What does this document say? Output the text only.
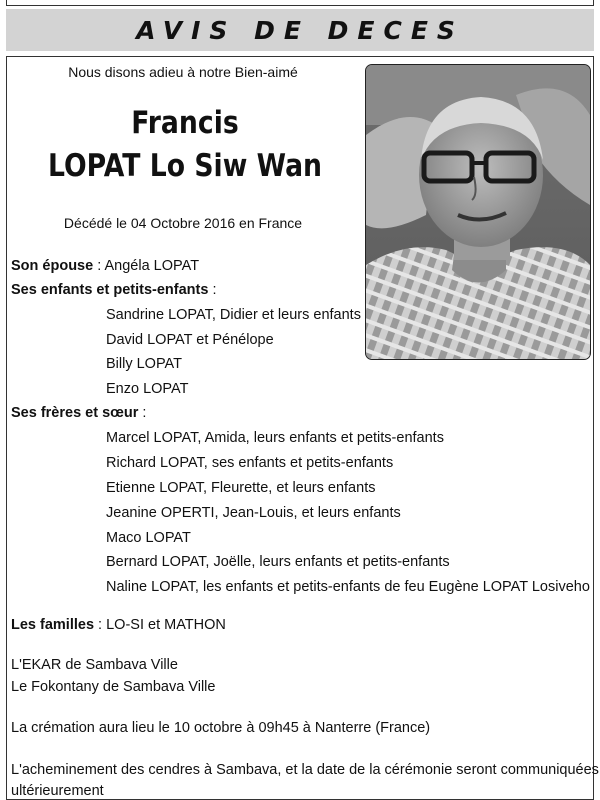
AVIS DE DECES
Nous disons adieu à notre Bien-aimé
Francis
LOPAT Lo Siw Wan
Décédé le 04 Octobre 2016 en France
Son épouse : Angéla LOPAT
Ses enfants et petits-enfants :
Sandrine LOPAT, Didier et leurs enfants
David LOPAT et Pénélope
Billy LOPAT
Enzo LOPAT
Ses frères et sœur :
Marcel LOPAT, Amida, leurs enfants et petits-enfants
Richard LOPAT, ses enfants et petits-enfants
Etienne LOPAT, Fleurette, et leurs enfants
Jeanine OPERTI, Jean-Louis, et leurs enfants
Maco LOPAT
Bernard LOPAT, Joëlle, leurs enfants et petits-enfants
Naline LOPAT, les enfants et petits-enfants de feu Eugène LOPAT Losiveho
Les familles : LO-SI et MATHON
L'EKAR de Sambava Ville
Le Fokontany de Sambava Ville
La crémation aura lieu le 10 octobre à 09h45 à Nanterre (France)
L'acheminement des cendres à Sambava, et la date de la cérémonie seront communiquées
ultérieurement
